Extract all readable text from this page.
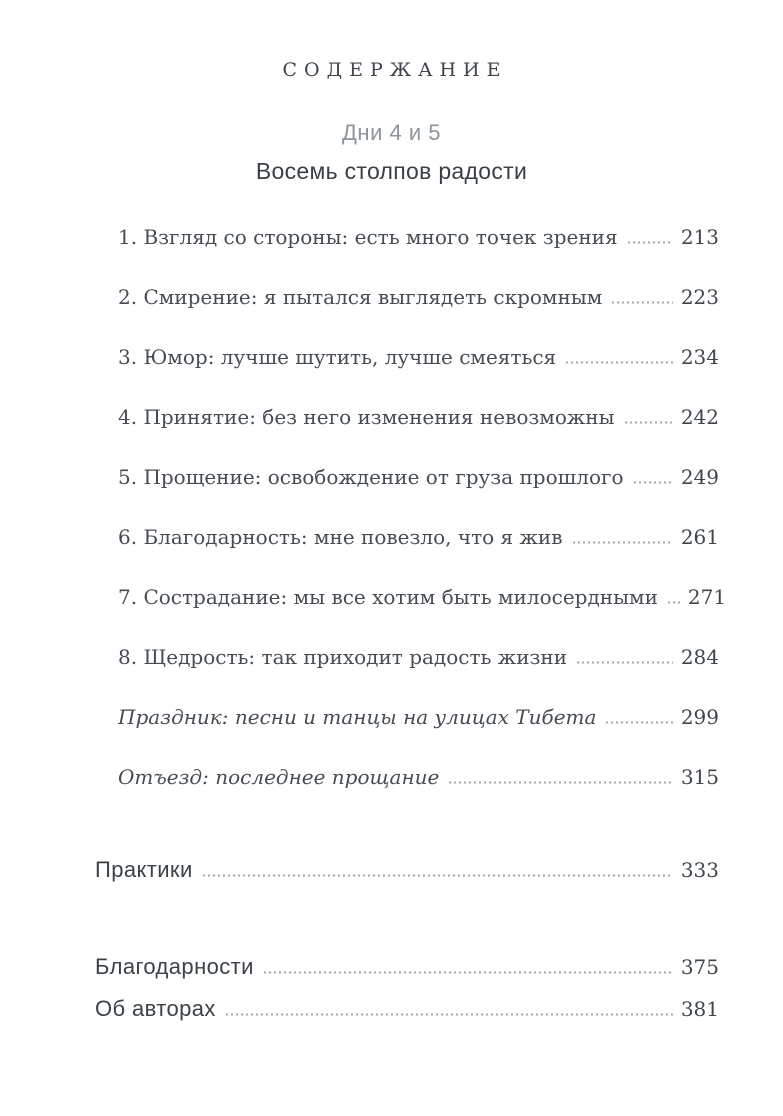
СОДЕРЖАНИЕ
Дни 4 и 5
Восемь столпов радости
1. Взгляд со стороны: есть много точек зрения	213
2. Смирение: я пытался выглядеть скромным	223
3. Юмор: лучше шутить, лучше смеяться	234
4. Принятие: без него изменения невозможны	242
5. Прощение: освобождение от груза прошлого	249
6. Благодарность: мне повезло, что я жив	261
7. Сострадание: мы все хотим быть милосердными 271
8. Щедрость: так приходит радость жизни	284
Праздник: песни и танцы на улицах Тибета	299
Отъезд: последнее прощание	315
Практики	333
Благодарности	375
Об авторах	381
